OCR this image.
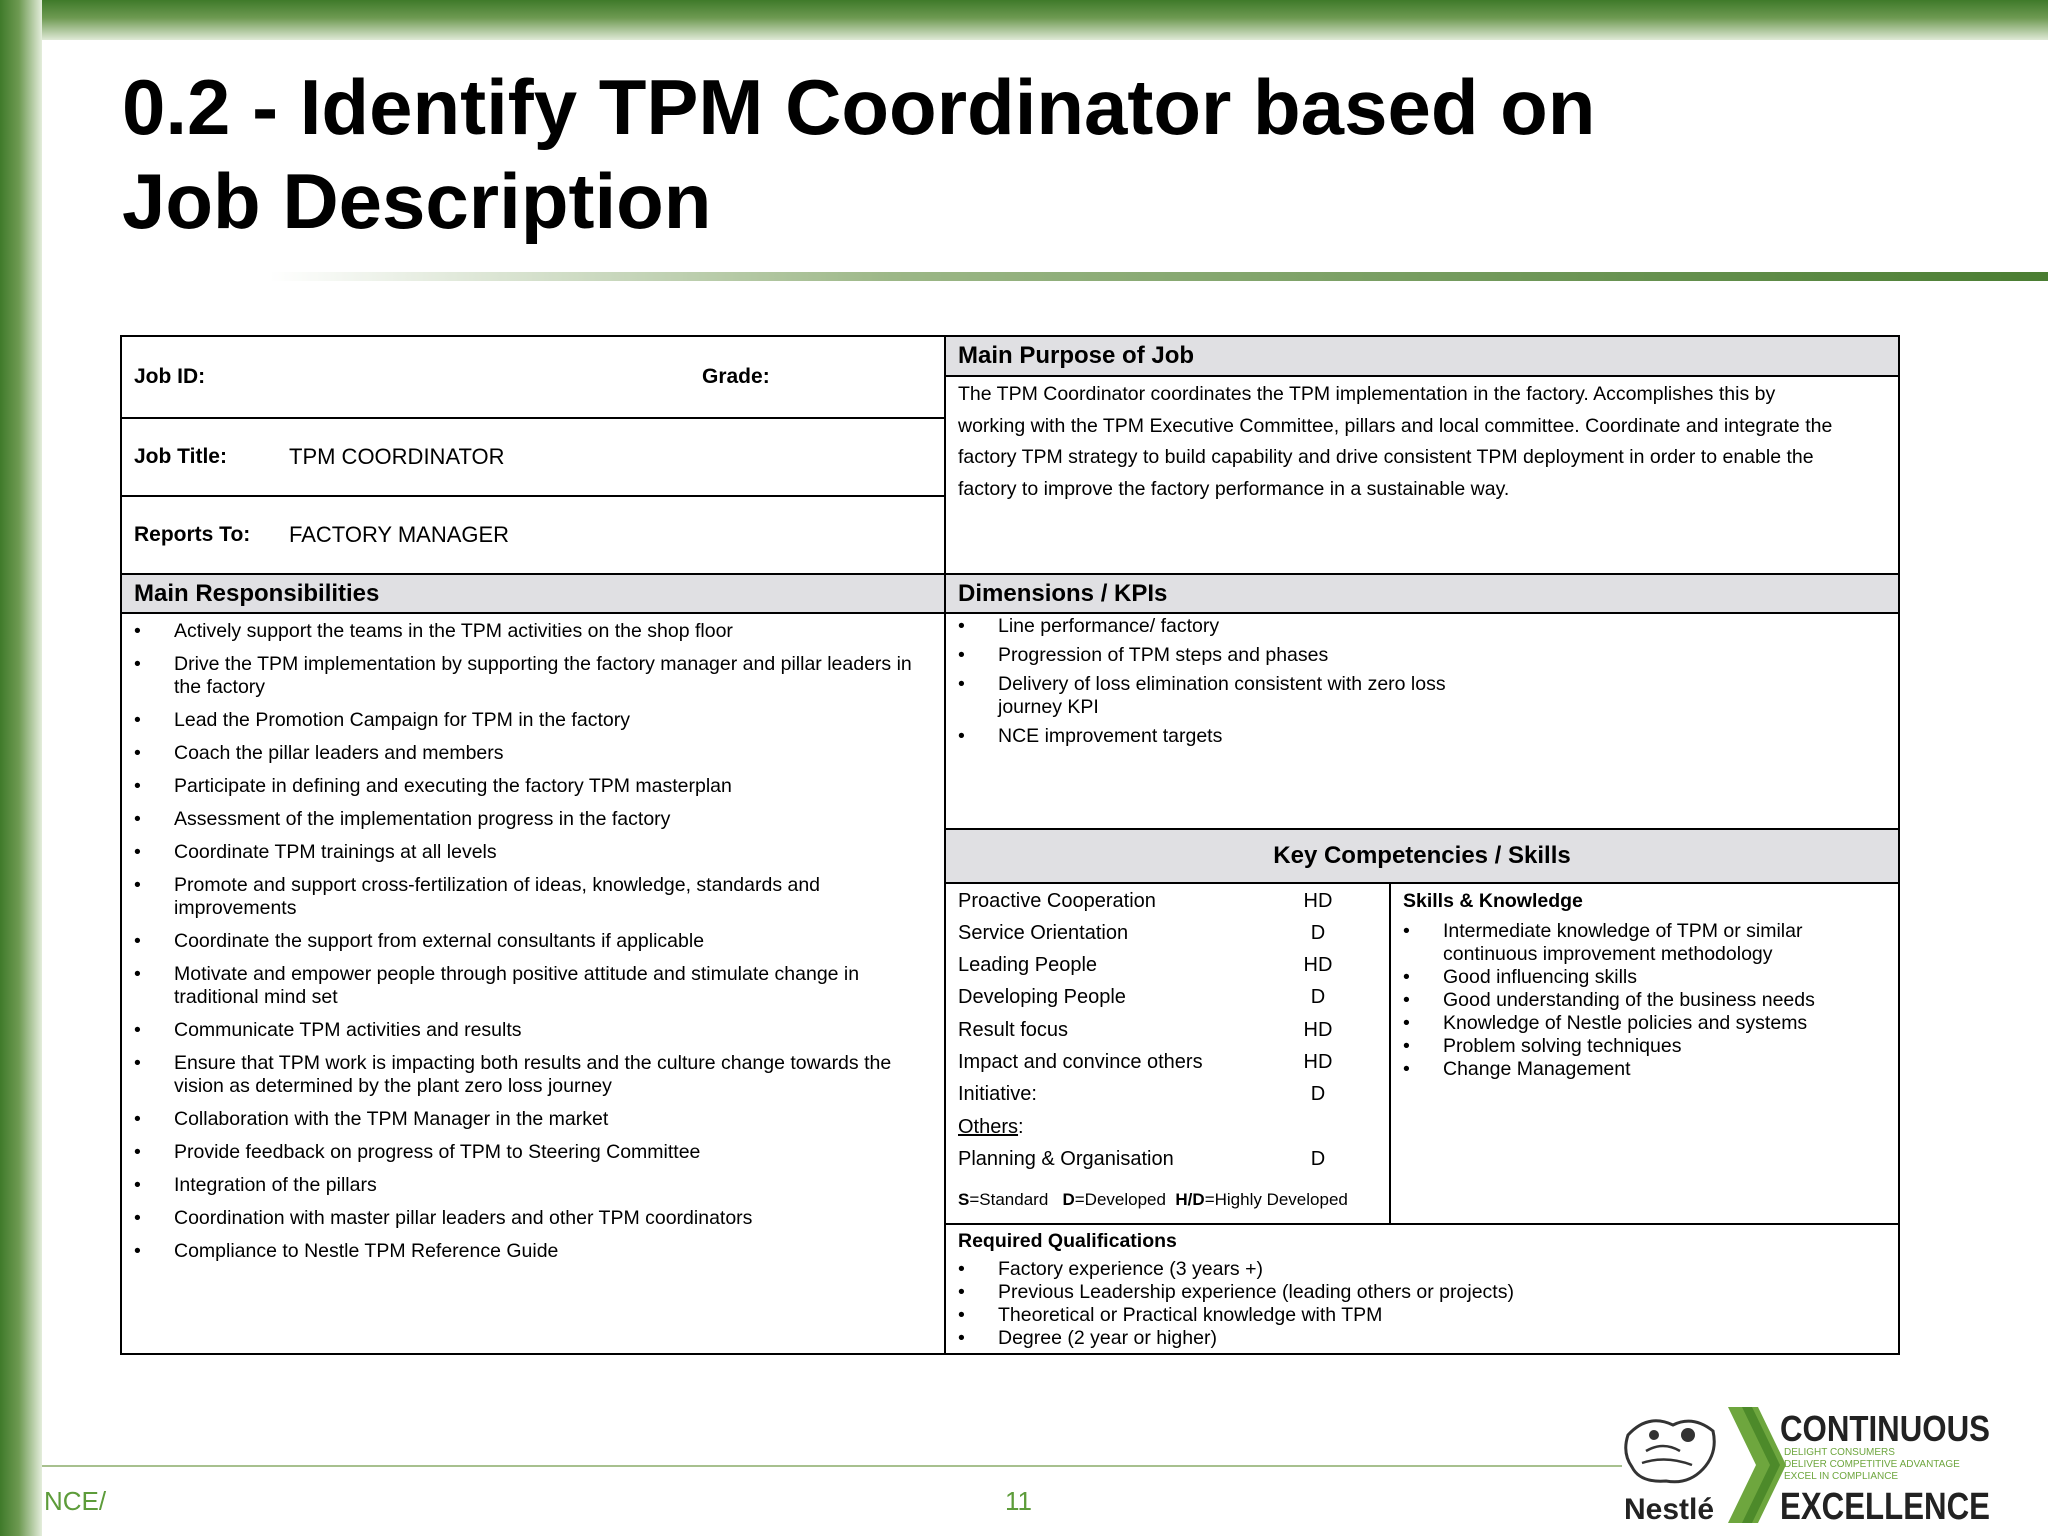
0.2 - Identify TPM Coordinator based on
Job Description
Job ID:	Grade:
Job Title:	TPM COORDINATOR
Reports To: FACTORY MANAGER
Main Purpose of Job
The TPM Coordinator coordinates the TPM implementation in the factory. Accomplishes this by
working with the TPM Executive Committee, pillars and local committee. Coordinate and integrate the
factory TPM strategy to build capability and drive consistent TPM deployment in order to enable the
factory to improve the factory performance in a sustainable way.
Main Responsibilities	Dimensions / KPIs
• Actively support the teams in the TPM activities on the shop floor
• Drive the TPM implementation by supporting the factory manager and pillar leaders in the factory
• Lead the Promotion Campaign for TPM in the factory
• Coach the pillar leaders and members
• Participate in defining and executing the factory TPM masterplan
• Assessment of the implementation progress in the factory
• Coordinate TPM trainings at all levels
• Promote and support cross-fertilization of ideas, knowledge, standards and improvements
• Coordinate the support from external consultants if applicable
• Motivate and empower people through positive attitude and stimulate change in traditional mind set
• Communicate TPM activities and results
• Ensure that TPM work is impacting both results and the culture change towards the vision as determined by the plant zero loss journey
• Collaboration with the TPM Manager in the market
• Provide feedback on progress of TPM to Steering Committee
• Integration of the pillars
• Coordination with master pillar leaders and other TPM coordinators
• Compliance to Nestle TPM Reference Guide
• Line performance/ factory
• Progression of TPM steps and phases
• Delivery of loss elimination consistent with zero loss journey KPI
• NCE improvement targets
Key Competencies / Skills
Proactive Cooperation	HD
Service Orientation	D
Leading People	HD
Developing People	D
Result focus	HD
Impact and convince others	HD
Initiative:	D
Others:
Planning & Organisation	D
S=Standard D=Developed H/D=Highly Developed
Skills & Knowledge
• Intermediate knowledge of TPM or similar continuous improvement methodology
• Good influencing skills
• Good understanding of the business needs
• Knowledge of Nestle policies and systems
• Problem solving techniques
• Change Management
Required Qualifications
• Factory experience (3 years +)
• Previous Leadership experience (leading others or projects)
• Theoretical or Practical knowledge with TPM
• Degree (2 year or higher)
NCE/	11	Nestlé
CONTINUOUS
DELIGHT CONSUMERS
DELIVER COMPETITIVE ADVANTAGE
EXCEL IN COMPLIANCE
EXCELLENCE
